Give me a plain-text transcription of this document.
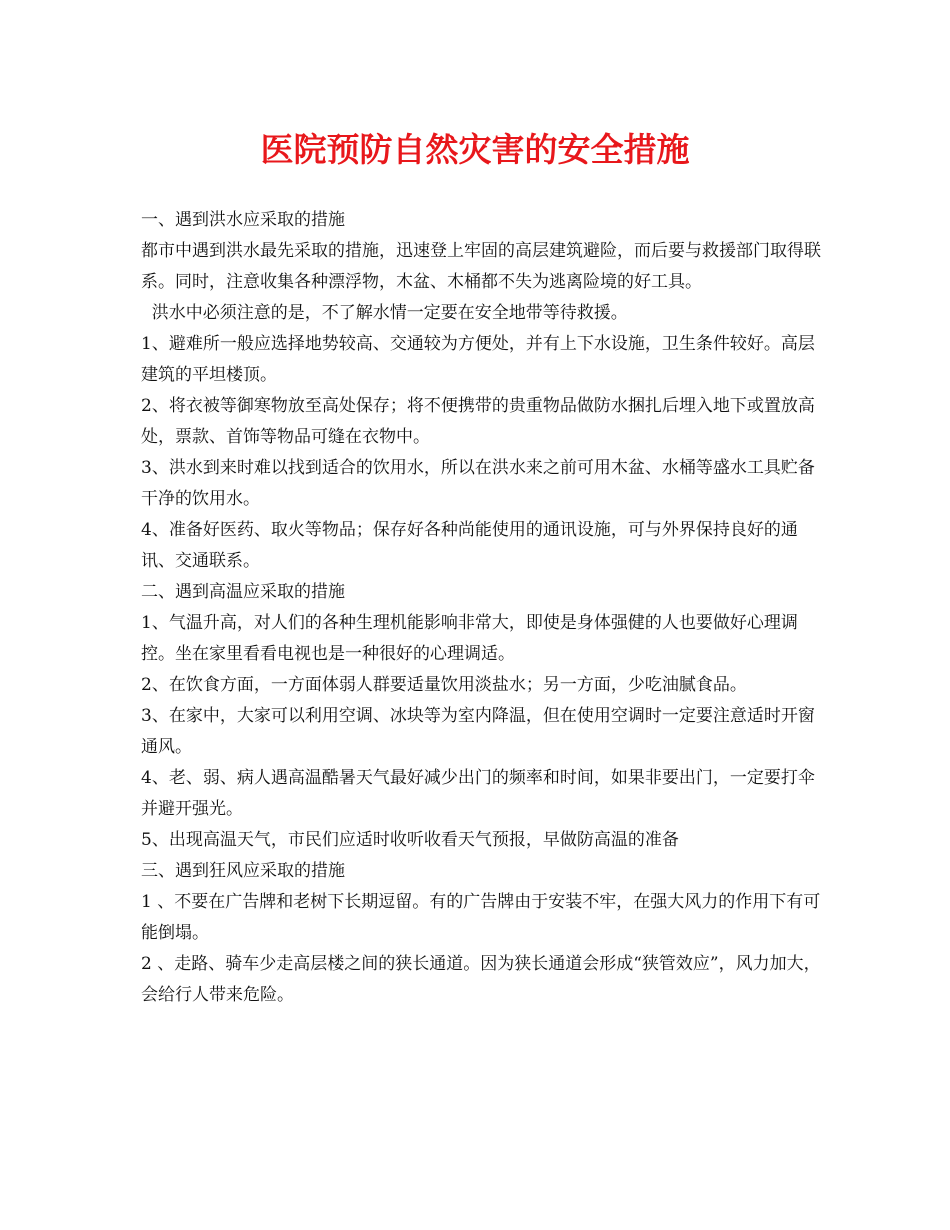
医院预防自然灾害的安全措施

一、遇到洪水应采取的措施

都市中遇到洪水最先采取的措施，迅速登上牢固的高层建筑避险，而后要与救援部门取得联系。同时，注意收集各种漂浮物，木盆、木桶都不失为逃离险境的好工具。

洪水中必须注意的是，不了解水情一定要在安全地带等待救援。

1、避难所一般应选择地势较高、交通较为方便处，并有上下水设施，卫生条件较好。高层建筑的平坦楼顶。

2、将衣被等御寒物放至高处保存；将不便携带的贵重物品做防水捆扎后埋入地下或置放高处，票款、首饰等物品可缝在衣物中。

3、洪水到来时难以找到适合的饮用水，所以在洪水来之前可用木盆、水桶等盛水工具贮备干净的饮用水。

4、准备好医药、取火等物品；保存好各种尚能使用的通讯设施，可与外界保持良好的通讯、交通联系。

二、遇到高温应采取的措施

1、气温升高，对人们的各种生理机能影响非常大，即使是身体强健的人也要做好心理调控。坐在家里看看电视也是一种很好的心理调适。

2、在饮食方面，一方面体弱人群要适量饮用淡盐水；另一方面，少吃油腻食品。

3、在家中，大家可以利用空调、冰块等为室内降温，但在使用空调时一定要注意适时开窗通风。

4、老、弱、病人遇高温酷暑天气最好减少出门的频率和时间，如果非要出门，一定要打伞并避开强光。

5、出现高温天气，市民们应适时收听收看天气预报，早做防高温的准备

三、遇到狂风应采取的措施

1 、不要在广告牌和老树下长期逗留。有的广告牌由于安装不牢，在强大风力的作用下有可能倒塌。

2 、走路、骑车少走高层楼之间的狭长通道。因为狭长通道会形成“狭管效应”，风力加大，会给行人带来危险。
